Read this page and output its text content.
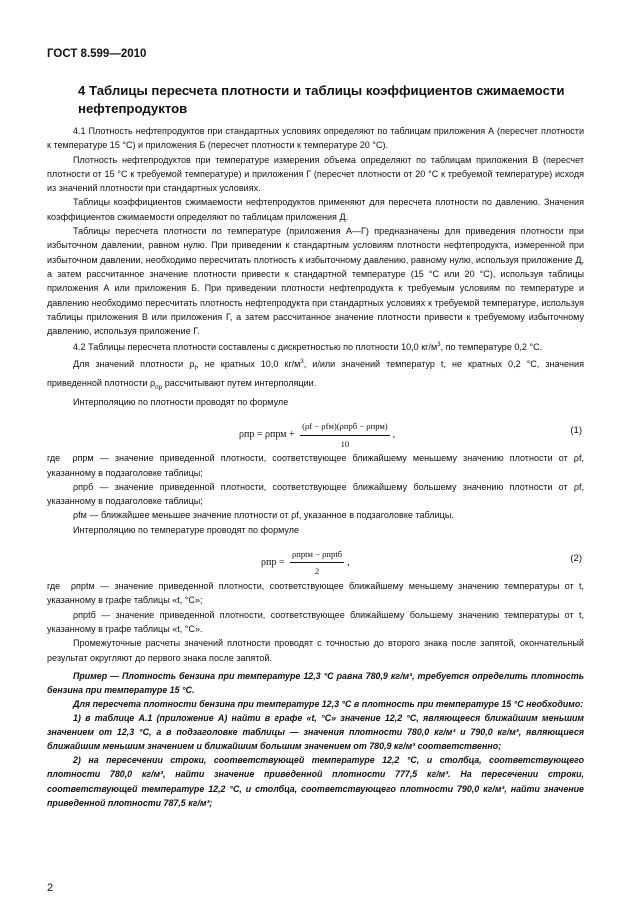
ГОСТ 8.599—2010
4 Таблицы пересчета плотности и таблицы коэффициентов сжимаемости нефтепродуктов

4.1 Плотность нефтепродуктов при стандартных условиях определяют по таблицам приложения А (пересчет плотности к температуре 15 °С) и приложения Б (пересчет плотности к температуре 20 °С).

Плотность нефтепродуктов при температуре измерения объема определяют по таблицам приложения В (пересчет плотности от 15 °С к требуемой температуре) и приложения Г (пересчет плотности от 20 °С к требуемой температуре) исходя из значений плотности при стандартных условиях.

Таблицы коэффициентов сжимаемости нефтепродуктов применяют для пересчета плотности по давлению. Значения коэффициентов сжимаемости определяют по таблицам приложения Д.

Таблицы пересчета плотности по температуре (приложения А—Г) предназначены для приведения плотности при избыточном давлении, равном нулю. При приведении к стандартным условиям плотности нефтепродукта, измеренной при избыточном давлении, необходимо пересчитать плотность к избыточному давлению, равному нулю, используя приложение Д, а затем рассчитанное значение плотности привести к стандартной температуре (15 °С или 20 °С), используя таблицы приложения А или приложения Б. При приведении плотности нефтепродукта к требуемым условиям по температуре и давлению необходимо пересчитать плотность нефтепродукта при стандартных условиях к требуемой температуре, используя таблицы приложения В или приложения Г, а затем рассчитанное значение плотности привести к требуемому избыточному давлению, используя приложение Г.

4.2 Таблицы пересчета плотности составлены с дискретностью по плотности 10,0 $кг/м^3$, по температуре 0,2 °С.

Для значений плотности $\rho_f$, не кратных 10,0 $кг/м^3$, и/или значений температур t, не кратных 0,2 °С, значения приведенной плотности $\rho_{пр}$ рассчитывают путем интерполяции.

Интерполяцию по плотности проводят по формуле

$\rho пр = \rho прм + \frac{\text{(ρf − ρfм)(ρпрб − ρпрм)}}{10}$ ,	(1)

где ρпрм — значение приведенной плотности, соответствующее ближайшему меньшему значению плотности от ρf, указанному в подзаголовке таблицы;

ρпрб — значение приведенной плотности, соответствующее ближайшему большему значению плотности от ρf, указанному в подзаголовке таблицы;

ρfм — ближайшее меньшее значение плотности от ρf, указанное в подзаголовке таблицы.

Интерполяцию по температуре проводят по формуле

$\rho пр = \frac{\text{ρпрtм − ρпрtб}}{2}$ ,	(2)

где ρпрtм — значение приведенной плотности, соответствующее ближайшему меньшему значению температуры от t, указанному в графе таблицы «t, °С»;

ρпрtб — значение приведенной плотности, соответствующее ближайшему большему значению температуры от t, указанному в графе таблицы «t, °С».

Промежуточные расчеты значений плотности проводят с точностью до второго знака после запятой, окончательный результат округляют до первого знака после запятой.

Пример — Плотность бензина при температуре 12,3 °С равна 780,9 кг/м³, требуется определить плотность бензина при температуре 15 °С.

Для пересчета плотности бензина при температуре 12,3 °С в плотность при температуре 15 °С необходимо:

1) в таблице А.1 (приложение А) найти в графе «t, °С» значение 12,2 °С, являющееся ближайшим меньшим значением от 12,3 °С, а в подзаголовке таблицы — значения плотности 780,0 кг/м³ и 790,0 кг/м³, являющиеся ближайшим меньшим значением и ближайшим большим значением от 780,9 кг/м³ соответственно;

2) на пересечении строки, соответствующей температуре 12,2 °С, и столбца, соответствующего плотности 780,0 кг/м³, найти значение приведенной плотности 777,5 кг/м³. На пересечении строки, соответствующей температуре 12,2 °С, и столбца, соответствующего плотности 790,0 кг/м³, найти значение приведенной плотности 787,5 кг/м³;

2
